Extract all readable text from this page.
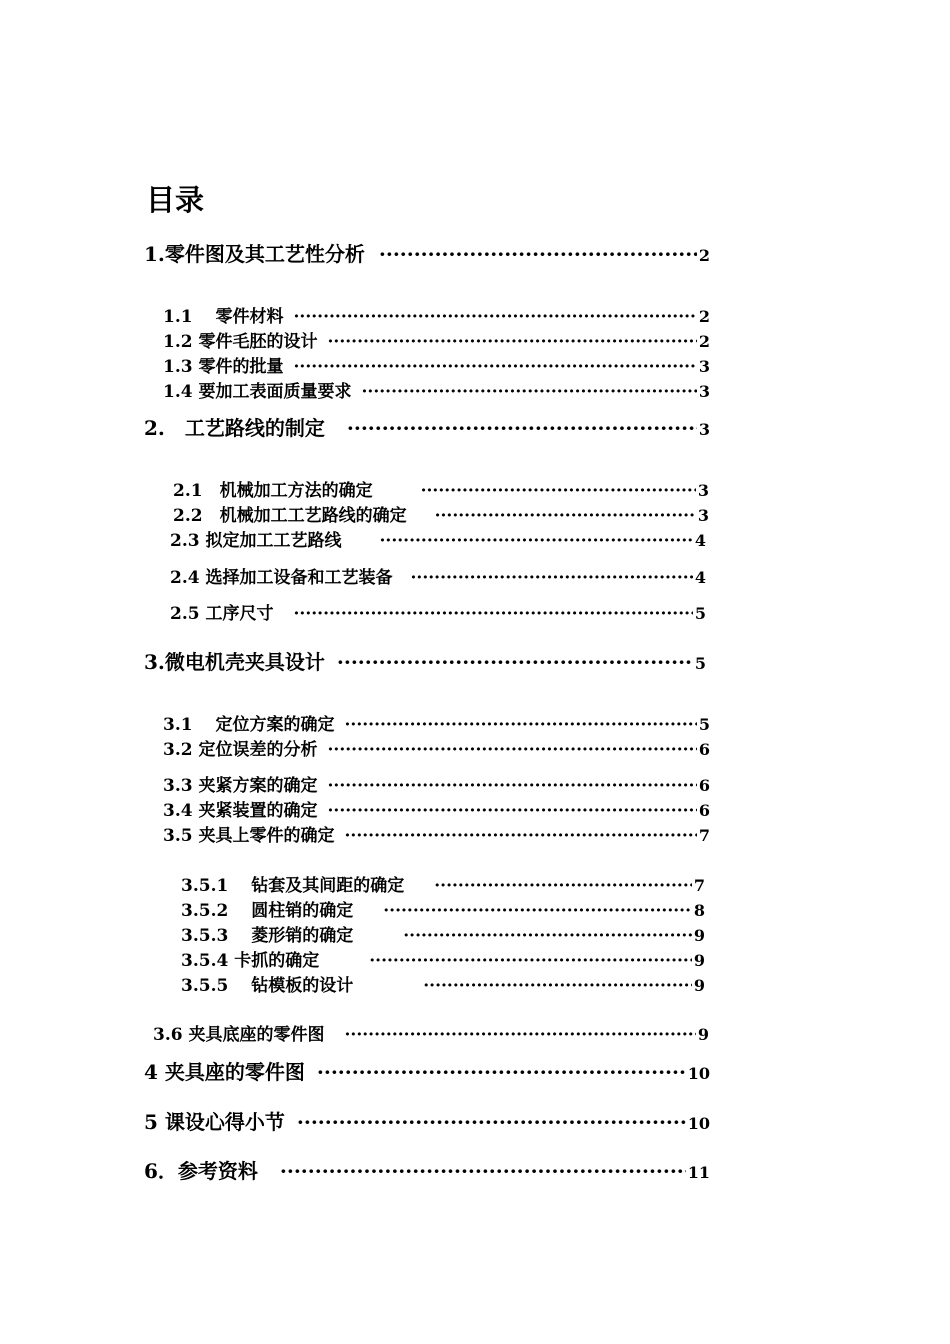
目录
1.零件图及其工艺性分析 ·····	2
1.1　 零件材料 ·····	2
1.2 零件毛胚的设计 ·····	2
1.3 零件的批量 ·····	3
1.4 要加工表面质量要求 ·····	3
2.　工艺路线的制定 ·····	3
2.1　机械加工方法的确定 ·····	3
2.2　机械加工工艺路线的确定 ·····	3
2.3 拟定加工工艺路线 ·····	4
2.4 选择加工设备和工艺装备 ·····	4
2.5 工序尺寸 ·····	5
3.微电机壳夹具设计 ·····	5
3.1　 定位方案的确定 ·····	5
3.2 定位误差的分析 ·····	6
3.3 夹紧方案的确定 ·····	6
3.4 夹紧装置的确定 ·····	6
3.5 夹具上零件的确定 ·····	7
3.5.1　 钻套及其间距的确定 ·····	7
3.5.2　 圆柱销的确定 ·····	8
3.5.3　 菱形销的确定 ·····	9
3.5.4 卡抓的确定 ·····	9
3.5.5　 钻模板的设计 ·····	9
3.6 夹具底座的零件图 ·····	9
4 夹具座的零件图 ·····	10
5 课设心得小节 ·····	10
6．参考资料 ·····	11
